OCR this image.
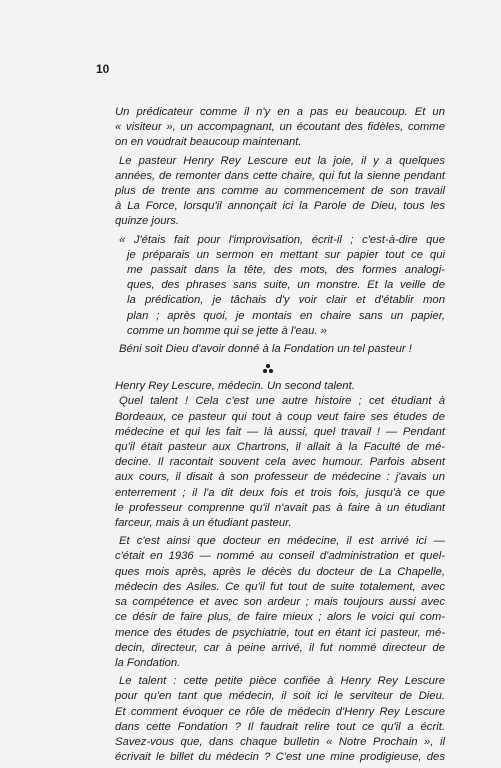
10
Un prédicateur comme il n'y en a pas eu beaucoup. Et un
« visiteur », un accompagnant, un écoutant des fidèles, comme
on en voudrait beaucoup maintenant.
Le pasteur Henry Rey Lescure eut la joie, il y a quelques
années, de remonter dans cette chaire, qui fut la sienne pendant
plus de trente ans comme au commencement de son travail
à La Force, lorsqu'il annonçait ici la Parole de Dieu, tous les
quinze jours.
« J'étais fait pour l'improvisation, écrit-il ; c'est-à-dire que
je préparais un sermon en mettant sur papier tout ce qui
me passait dans la tête, des mots, des formes analogi-
ques, des phrases sans suite, un monstre. Et la veille de
la prédication, je tâchais d'y voir clair et d'établir mon
plan ; après quoi, je montais en chaire sans un papier,
comme un homme qui se jette à l'eau. »
Béni soit Dieu d'avoir donné à la Fondation un tel pasteur !
Henry Rey Lescure, médecin. Un second talent.
Quel talent ! Cela c'est une autre histoire ; cet étudiant à
Bordeaux, ce pasteur qui tout à coup veut faire ses études de
médecine et qui les fait — là aussi, quel travail ! — Pendant
qu'il était pasteur aux Chartrons, il allait à la Faculté de mé-
decine. Il racontait souvent cela avec humour. Parfois absent
aux cours, il disait à son professeur de médecine : j'avais un
enterrement ; il l'a dit deux fois et trois fois, jusqu'à ce que
le professeur comprenne qu'il n'avait pas à faire à un étudiant
farceur, mais à un étudiant pasteur.
Et c'est ainsi que docteur en médecine, il est arrivé ici —
c'était en 1936 — nommé au conseil d'administration et quel-
ques mois après, après le décès du docteur de La Chapelle,
médecin des Asiles. Ce qu'il fut tout de suite totalement, avec
sa compétence et avec son ardeur ; mais toujours aussi avec
ce désir de faire plus, de faire mieux ; alors le voici qui com-
mence des études de psychiatrie, tout en étant ici pasteur, mé-
decin, directeur, car à peine arrivé, il fut nommé directeur de
la Fondation.
Le talent : cette petite pièce confiée à Henry Rey Lescure
pour qu'en tant que médecin, il soit ici le serviteur de Dieu.
Et comment évoquer ce rôle de médecin d'Henry Rey Lescure
dans cette Fondation ? Il faudrait relire tout ce qu'il a écrit.
Savez-vous que, dans chaque bulletin « Notre Prochain », il
écrivait le billet du médecin ? C'est une mine prodigieuse, des
